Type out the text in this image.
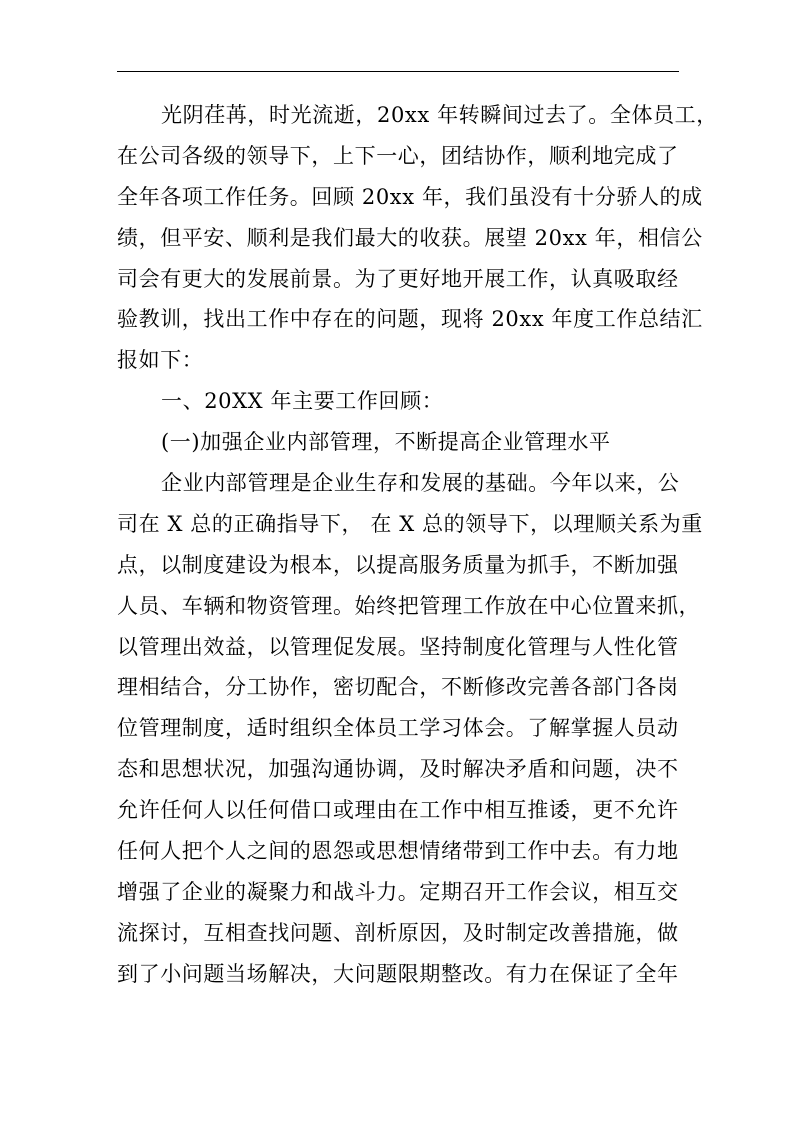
光阴荏苒，时光流逝，20xx 年转瞬间过去了。全体员工，
在公司各级的领导下，上下一心，团结协作，顺利地完成了
全年各项工作任务。回顾 20xx 年，我们虽没有十分骄人的成
绩，但平安、顺利是我们最大的收获。展望 20xx 年，相信公
司会有更大的发展前景。为了更好地开展工作，认真吸取经
验教训，找出工作中存在的问题，现将 20xx 年度工作总结汇
报如下：
一、20XX 年主要工作回顾：
(一)加强企业内部管理，不断提高企业管理水平
企业内部管理是企业生存和发展的基础。今年以来，公
司在 X 总的正确指导下， 在 X 总的领导下，以理顺关系为重
点，以制度建设为根本，以提高服务质量为抓手，不断加强
人员、车辆和物资管理。始终把管理工作放在中心位置来抓，
以管理出效益，以管理促发展。坚持制度化管理与人性化管
理相结合，分工协作，密切配合，不断修改完善各部门各岗
位管理制度，适时组织全体员工学习体会。了解掌握人员动
态和思想状况，加强沟通协调，及时解决矛盾和问题，决不
允许任何人以任何借口或理由在工作中相互推诿，更不允许
任何人把个人之间的恩怨或思想情绪带到工作中去。有力地
增强了企业的凝聚力和战斗力。定期召开工作会议，相互交
流探讨，互相查找问题、剖析原因，及时制定改善措施，做
到了小问题当场解决，大问题限期整改。有力在保证了全年
